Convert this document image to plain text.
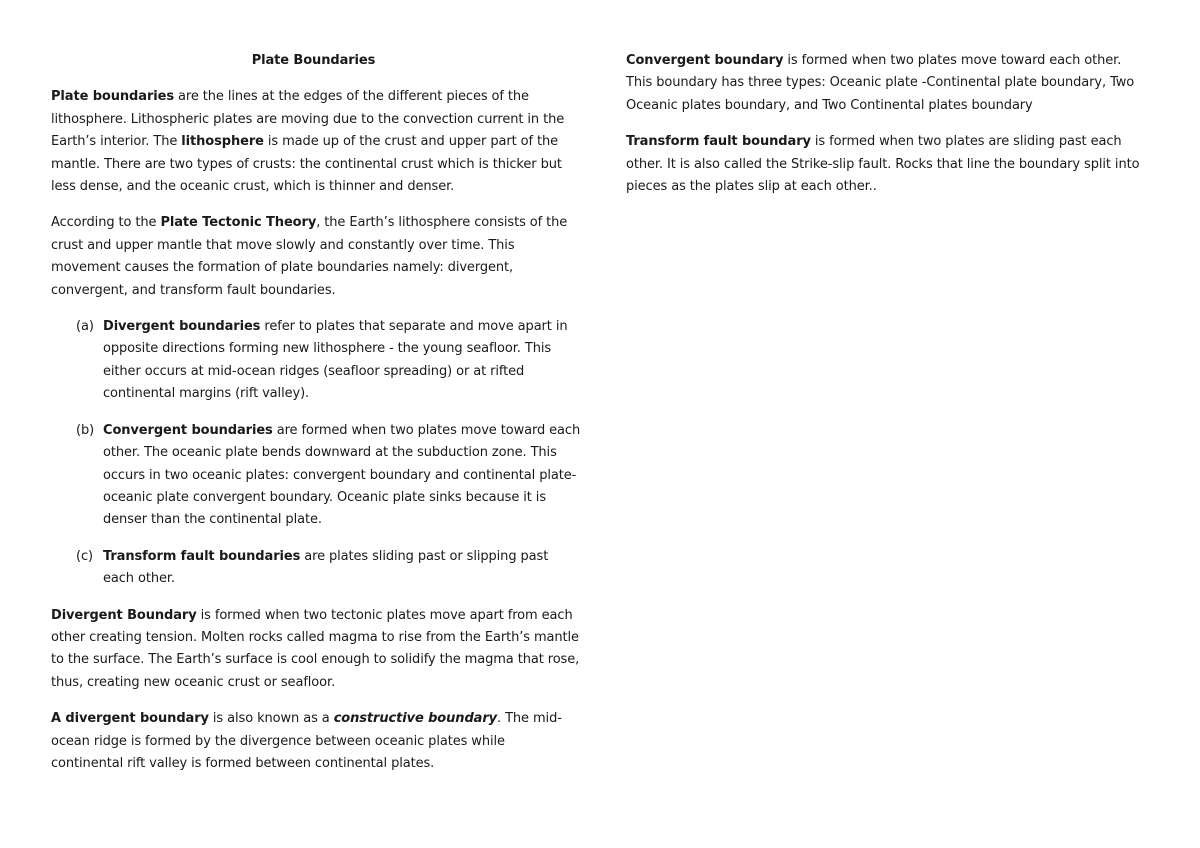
Plate Boundaries

Plate boundaries are the lines at the edges of the different pieces of the lithosphere. Lithospheric plates are moving due to the convection current in the Earth’s interior. The lithosphere is made up of the crust and upper part of the mantle. There are two types of crusts: the continental crust which is thicker but less dense, and the oceanic crust, which is thinner and denser.

According to the Plate Tectonic Theory, the Earth’s lithosphere consists of the crust and upper mantle that move slowly and constantly over time. This movement causes the formation of plate boundaries namely: divergent, convergent, and transform fault boundaries.

(a) Divergent boundaries refer to plates that separate and move apart in opposite directions forming new lithosphere - the young seafloor. This either occurs at mid-ocean ridges (seafloor spreading) or at rifted continental margins (rift valley).
(b) Convergent boundaries are formed when two plates move toward each other. The oceanic plate bends downward at the subduction zone. This occurs in two oceanic plates: convergent boundary and continental plate-oceanic plate convergent boundary. Oceanic plate sinks because it is denser than the continental plate.
(c) Transform fault boundaries are plates sliding past or slipping past each other.

Divergent Boundary is formed when two tectonic plates move apart from each other creating tension. Molten rocks called magma to rise from the Earth’s mantle to the surface. The Earth’s surface is cool enough to solidify the magma that rose, thus, creating new oceanic crust or seafloor.

A divergent boundary is also known as a constructive boundary. The mid-ocean ridge is formed by the divergence between oceanic plates while continental rift valley is formed between continental plates.

Convergent boundary is formed when two plates move toward each other. This boundary has three types: Oceanic plate -Continental plate boundary, Two Oceanic plates boundary, and Two Continental plates boundary

Transform fault boundary is formed when two plates are sliding past each other. It is also called the Strike-slip fault. Rocks that line the boundary split into pieces as the plates slip at each other..
